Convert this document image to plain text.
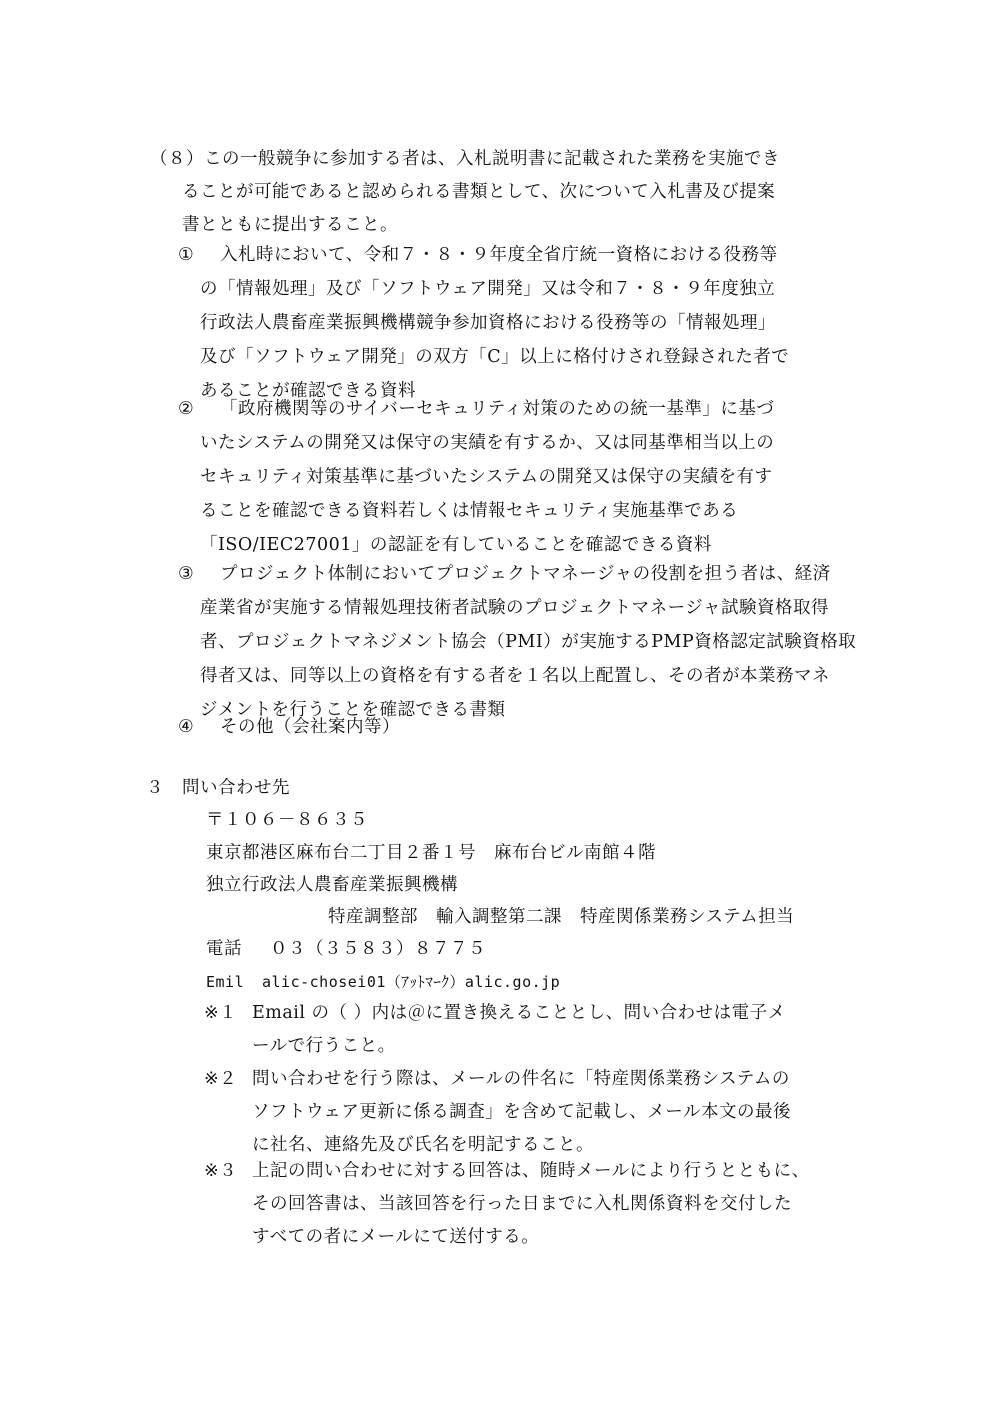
（８）この一般競争に参加する者は、入札説明書に記載された業務を実施でき
ることが可能であると認められる書類として、次について入札書及び提案
書とともに提出すること。
① 入札時において、令和７・８・９年度全省庁統一資格における役務等
の「情報処理」及び「ソフトウェア開発」又は令和７・８・９年度独立
行政法人農畜産業振興機構競争参加資格における役務等の「情報処理」
及び「ソフトウェア開発」の双方「C」以上に格付けされ登録された者で
あることが確認できる資料
② 「政府機関等のサイバーセキュリティ対策のための統一基準」に基づ
いたシステムの開発又は保守の実績を有するか、又は同基準相当以上の
セキュリティ対策基準に基づいたシステムの開発又は保守の実績を有す
ることを確認できる資料若しくは情報セキュリティ実施基準である
「ISO/IEC27001」の認証を有していることを確認できる資料
③ プロジェクト体制においてプロジェクトマネージャの役割を担う者は、経済
産業省が実施する情報処理技術者試験のプロジェクトマネージャ試験資格取得
者、プロジェクトマネジメント協会（PMI）が実施するPMP資格認定試験資格取
得者又は、同等以上の資格を有する者を１名以上配置し、その者が本業務マネ
ジメントを行うことを確認できる書類
④ その他（会社案内等）
３　問い合わせ先
〒１０６－８６３５
東京都港区麻布台二丁目２番１号　麻布台ビル南館４階
独立行政法人農畜産業振興機構
特産調整部　輸入調整第二課　特産関係業務システム担当
電話 ０３（３５８３）８７７５
Emil alic-chosei01（ｱｯﾄﾏｰｸ）alic.go.jp
※１ Email の（ ）内は＠に置き換えることとし、問い合わせは電子メ
ールで行うこと。
※２ 問い合わせを行う際は、メールの件名に「特産関係業務システムの
ソフトウェア更新に係る調査」を含めて記載し、メール本文の最後
に社名、連絡先及び氏名を明記すること。
※３ 上記の問い合わせに対する回答は、随時メールにより行うとともに、
その回答書は、当該回答を行った日までに入札関係資料を交付した
すべての者にメールにて送付する。
